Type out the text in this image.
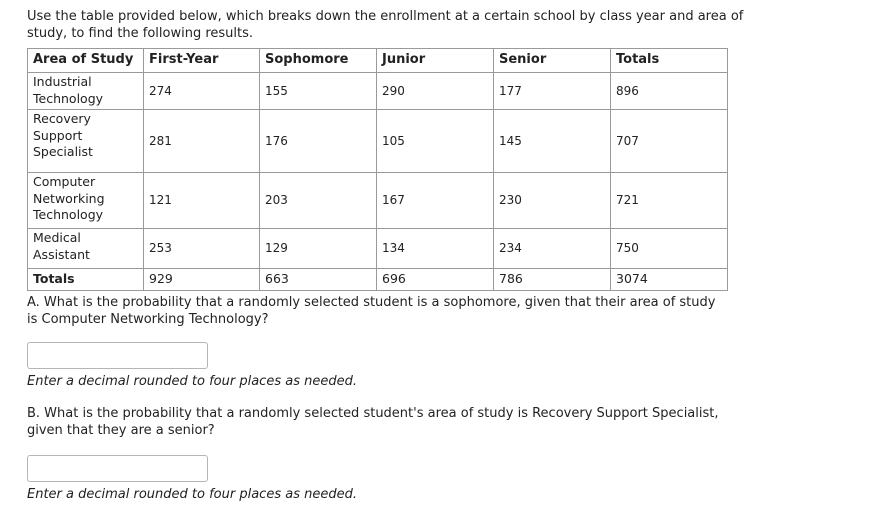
Use the table provided below, which breaks down the enrollment at a certain school by class year and area of study, to find the following results.

Area of Study	First-Year	Sophomore	Junior	Senior	Totals
Industrial Technology	274	155	290	177	896
Recovery Support Specialist	281	176	105	145	707
Computer Networking Technology	121	203	167	230	721
Medical Assistant	253	129	134	234	750
Totals	929	663	696	786	3074

A. What is the probability that a randomly selected student is a sophomore, given that their area of study is Computer Networking Technology?

Enter a decimal rounded to four places as needed.

B. What is the probability that a randomly selected student's area of study is Recovery Support Specialist, given that they are a senior?

Enter a decimal rounded to four places as needed.
